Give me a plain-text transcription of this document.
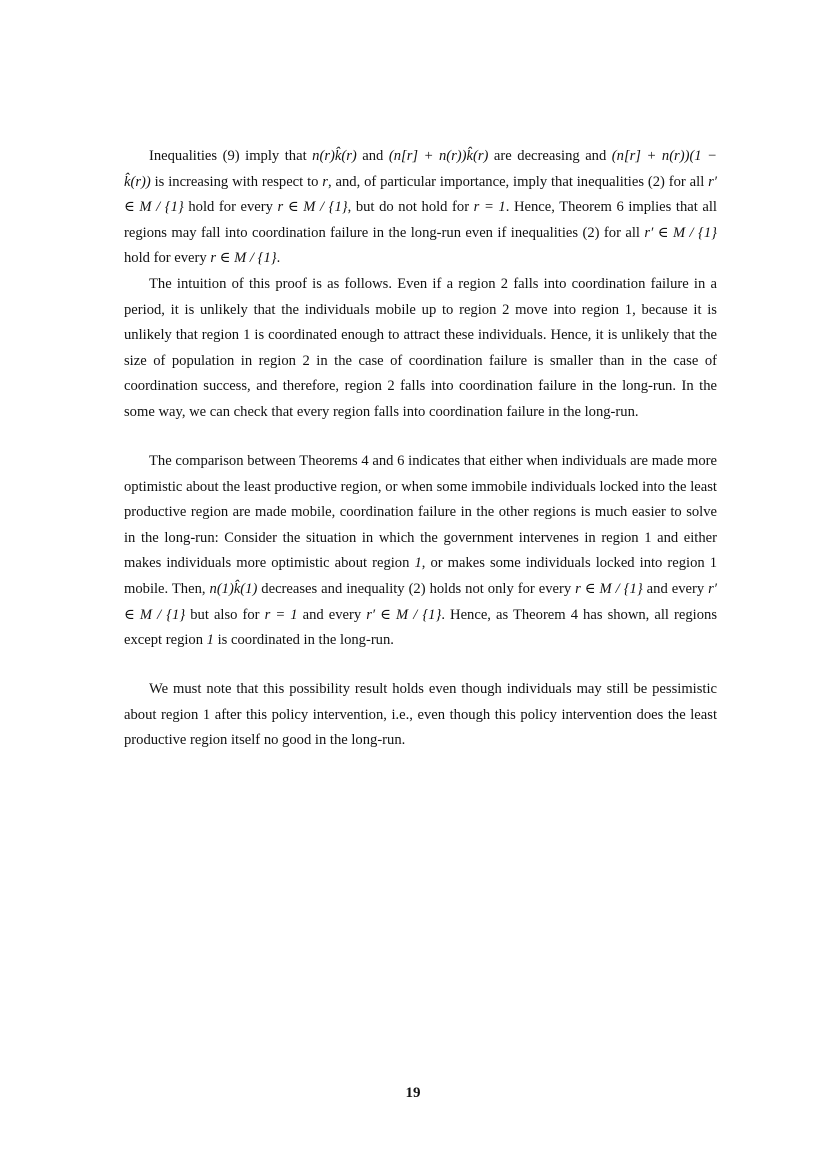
Inequalities (9) imply that n(r)k̂(r) and (n[r] + n(r))k̂(r) are decreasing and (n[r] + n(r))(1 − k̂(r)) is increasing with respect to r, and, of particular importance, imply that inequalities (2) for all r′ ∈ M / {1} hold for every r ∈ M / {1}, but do not hold for r = 1. Hence, Theorem 6 implies that all regions may fall into coordination failure in the long-run even if inequalities (2) for all r′ ∈ M / {1} hold for every r ∈ M / {1}.

The intuition of this proof is as follows. Even if a region 2 falls into coordination failure in a period, it is unlikely that the individuals mobile up to region 2 move into region 1, because it is unlikely that region 1 is coordinated enough to attract these individuals. Hence, it is unlikely that the size of population in region 2 in the case of coordination failure is smaller than in the case of coordination success, and therefore, region 2 falls into coordination failure in the long-run. In the some way, we can check that every region falls into coordination failure in the long-run.

The comparison between Theorems 4 and 6 indicates that either when individuals are made more optimistic about the least productive region, or when some immobile individuals locked into the least productive region are made mobile, coordination failure in the other regions is much easier to solve in the long-run: Consider the situation in which the government intervenes in region 1 and either makes individuals more optimistic about region 1, or makes some individuals locked into region 1 mobile. Then, n(1)k̂(1) decreases and inequality (2) holds not only for every r ∈ M / {1} and every r′ ∈ M / {1} but also for r = 1 and every r′ ∈ M / {1}. Hence, as Theorem 4 has shown, all regions except region 1 is coordinated in the long-run.

We must note that this possibility result holds even though individuals may still be pessimistic about region 1 after this policy intervention, i.e., even though this policy intervention does the least productive region itself no good in the long-run.

19
